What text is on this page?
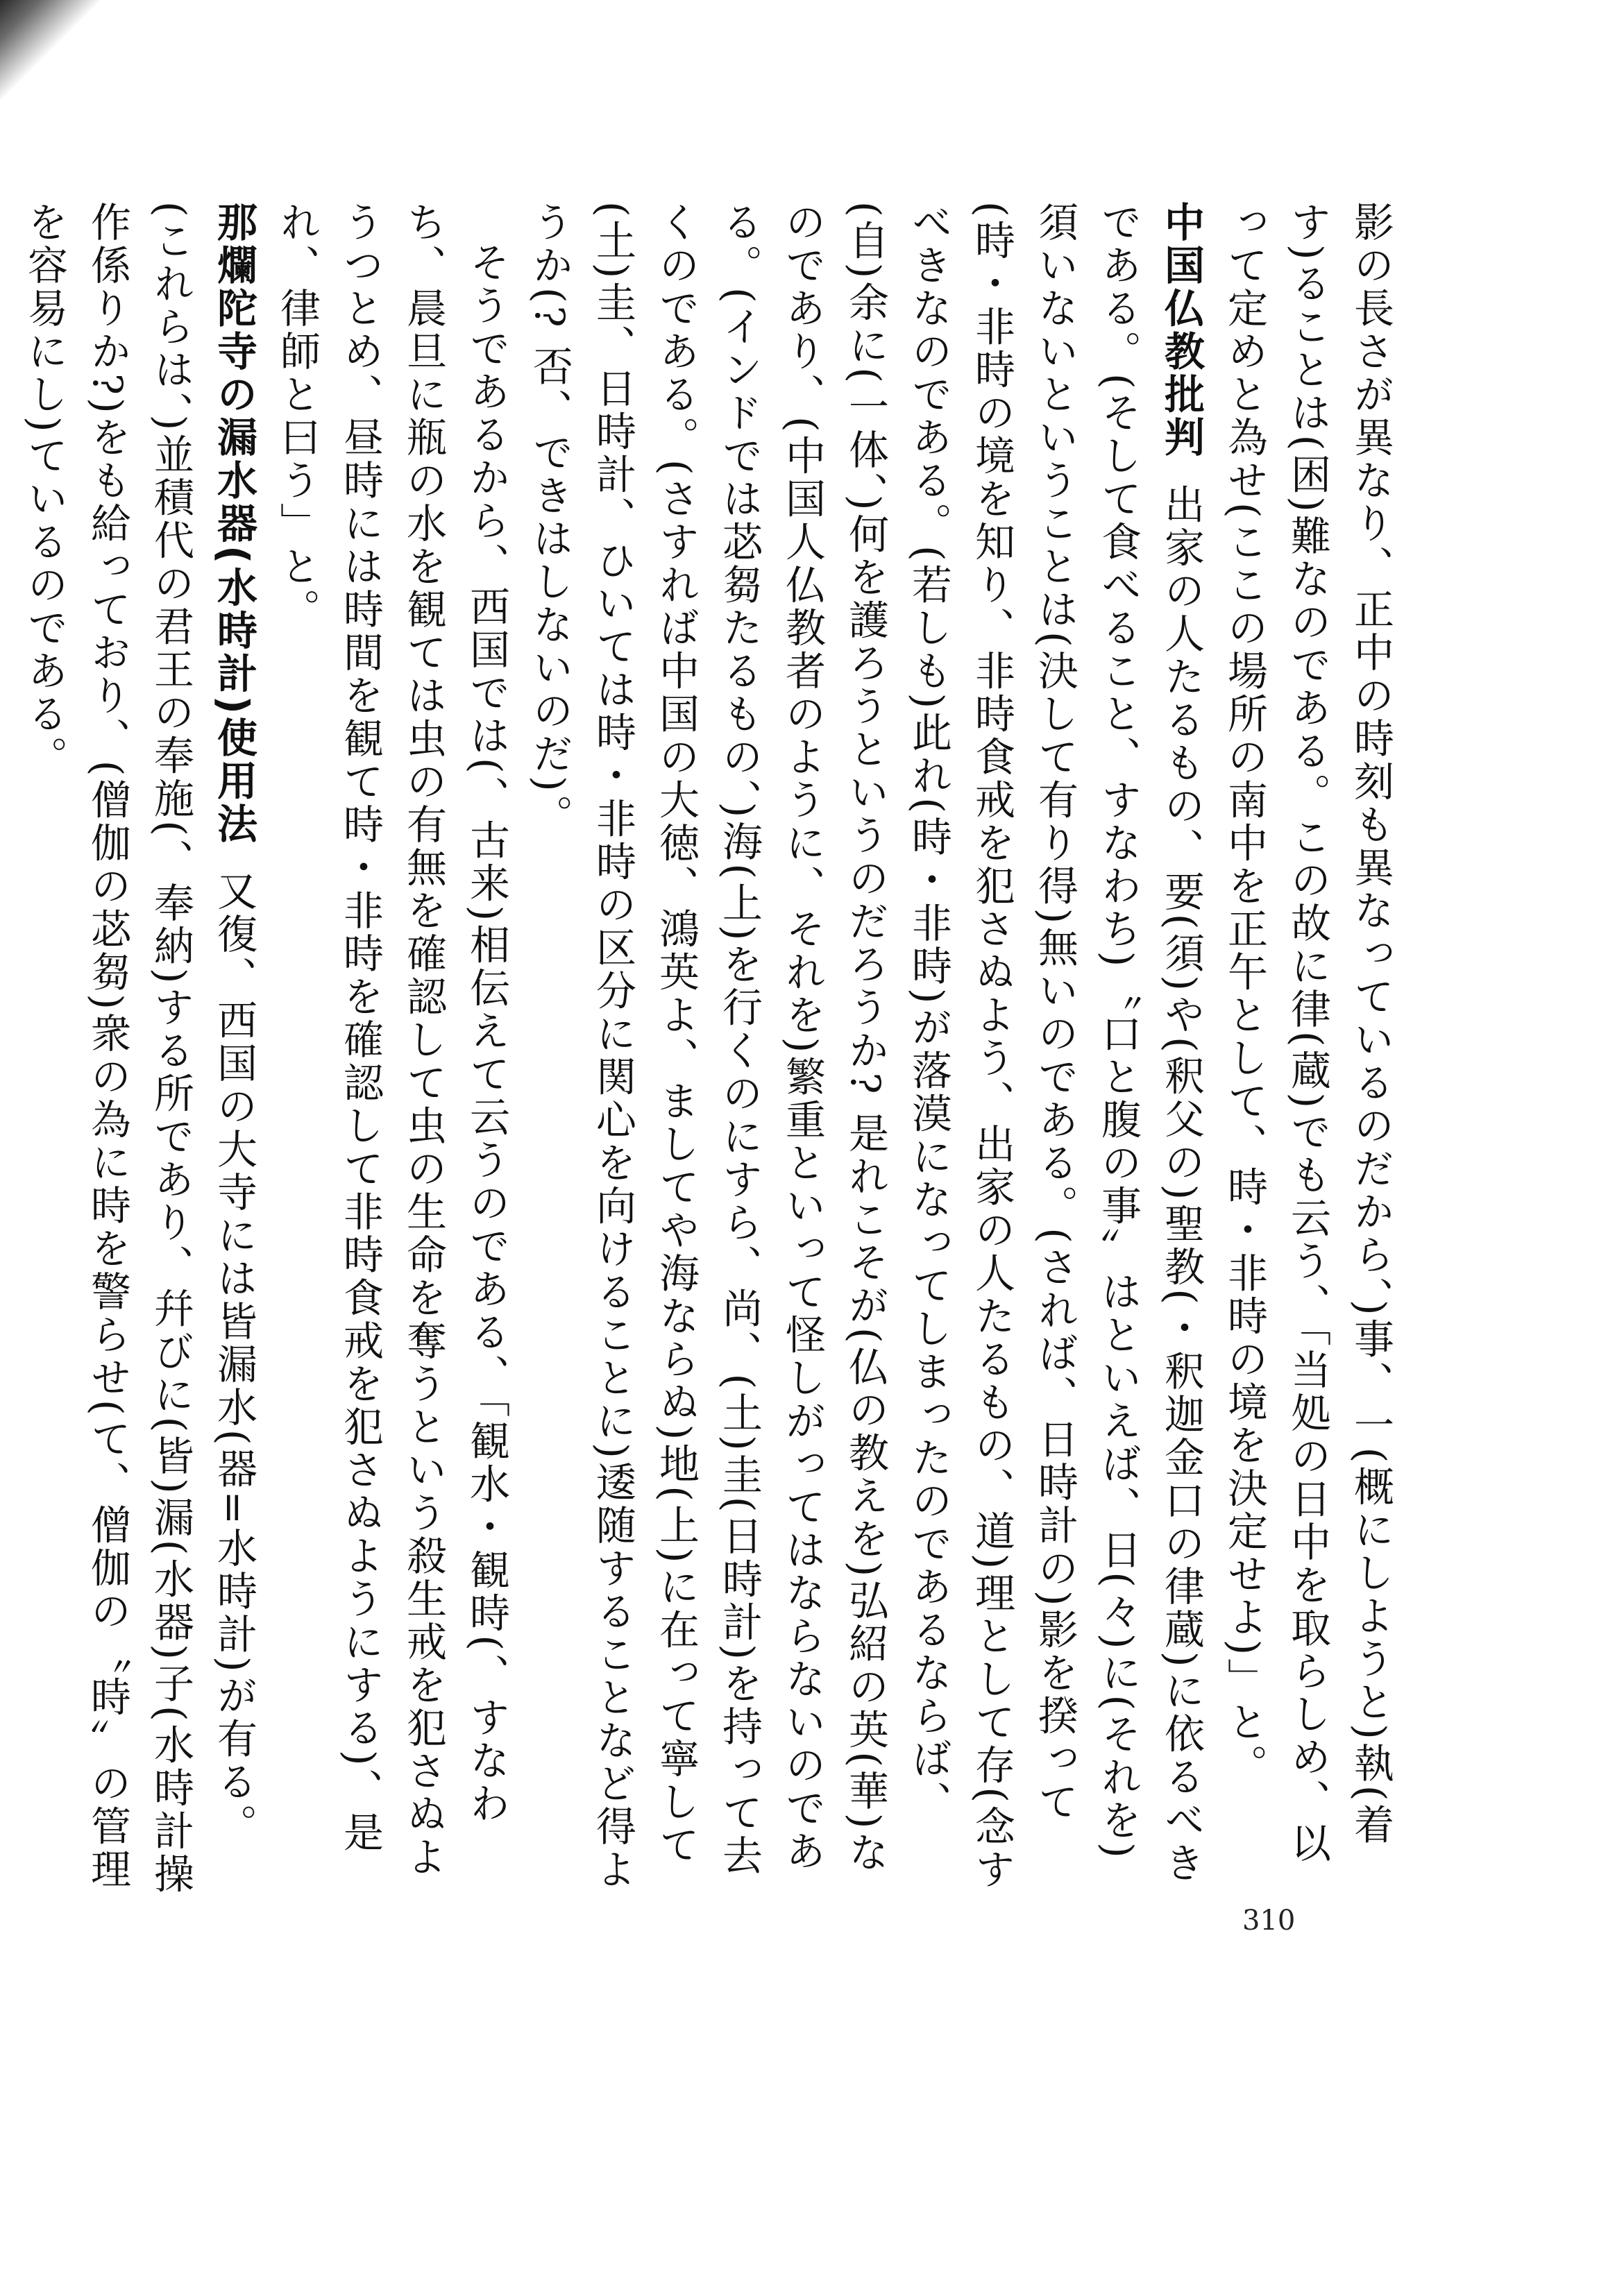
影の長さが異なり、正中の時刻も異なっているのだから、)事、一(概にしようと)執(着す)ることは(困)難なのである。この故に律(蔵)でも云う、「当処の日中を取らしめ、以って定めと為せ(ここの場所の南中を正午として、時・非時の境を決定せよ)」と。

中国仏教批判出家の人たるもの、要(須)や(釈父の)聖教(・釈迦金口の律蔵)に依るべきである。(そして食べること、すなわち)〝口と腹の事〟はといえば、日(々)に(それを)須いないということは(決して有り得)無いのである。(されば、日時計の)影を揆って(時・非時の境を知り、非時食戒を犯さぬよう、出家の人たるもの、道)理として存(念すべきなのである。(若しも)此れ(時・非時)が落漠になってしまったのであるならば、(自)余に(一体、)何を護ろうというのだろうか? 是れこそが(仏の教えを)弘紹の英(華)なのであり、(中国人仏教者のように、それを)繁重といって怪しがってはならないのである。(インドでは苾芻たるもの、)海(上)を行くのにすら、尚、(土)圭(日時計)を持って去くのである。(さすれば中国の大徳、鴻英よ、ましてや海ならぬ)地(上)に在って寧して(土)圭、日時計、ひいては時・非時の区分に関心を向けることに)逶随することなど得ようか(? 否、できはしないのだ)。

そうであるから、西国では(、古来)相伝えて云うのである、「観水・観時(、すなわち、晨旦に瓶の水を観ては虫の有無を確認して虫の生命を奪うという殺生戒を犯さぬようつとめ、昼時には時間を観て時・非時を確認して非時食戒を犯さぬようにする)、是れ、律師と曰う」と。

那爛陀寺の漏水器(水時計)使用法又復、西国の大寺には皆漏水(器=水時計)が有る。(これらは、)並積代の君王の奉施(、奉納)する所であり、幷びに(皆)漏(水器)子(水時計操作係りか?)をも給っており、(僧伽の苾芻)衆の為に時を警らせ(て、僧伽の〝時〟の管理を容易にし)ているのである。

310
